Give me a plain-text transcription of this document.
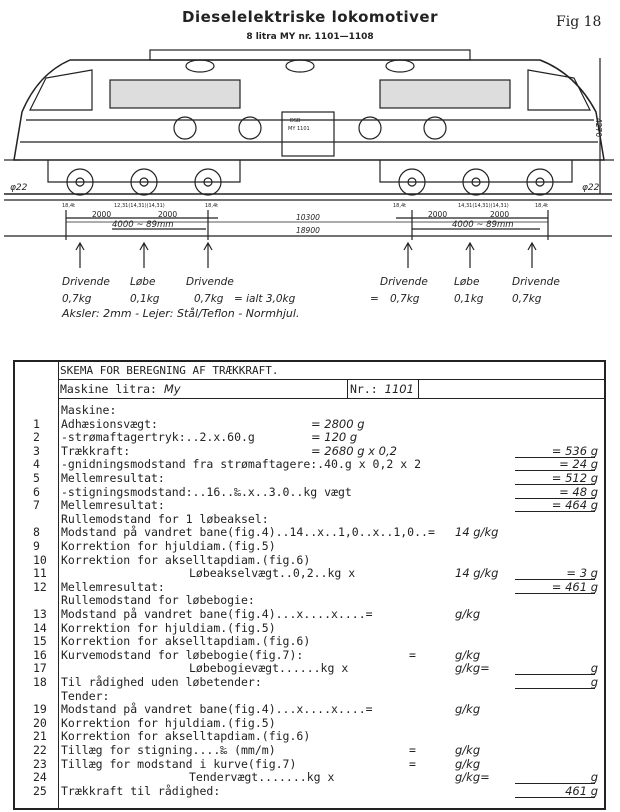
Dieselelektriske lokomotiver
8 litra MY nr. 1101—1108
Fig 18
DSB
MY 1101	4270
φ22	φ22
18,4t	12,31(14,31)(14,31)	18,4t	18,4t	14,31(14,31)(14,31)	18,4t
2000	2000	2000	2000
4000 ~ 89mm	4000 ~ 89mm
10300
18900
Drivende
0,7kg
Løbe
0,1kg
Drivende
0,7kg = ialt 3,0kg	=
Drivende
0,7kg
Løbe
0,1kg
Drivende
0,7kg
Aksler: 2mm - Lejer: Stål/Teflon - Normhjul.
SKEMA FOR BEREGNING AF TRÆKKRAFT.
Maskine litra: My	Nr.: 1101
Maskine:
1 Adhæsionsvægt:	= 2800 g
2 -strømaftagertryk:..2.x.60.g	= 120 g
3 Trækkraft:	= 2680 g x 0,2	= 536 g
4 -gnidningsmodstand fra strømaftagere:.40.g x 0,2 x 2	= 24 g
5 Mellemresultat:	= 512 g
6 -stigningsmodstand:..16..‰.x..3.0..kg vægt	= 48 g
7 Mellemresultat:	= 464 g
Rullemodstand for 1 løbeaksel:
8 Modstand på vandret bane(fig.4)..14..x..1,0..x..1,0..= 14 g/kg
9 Korrektion for hjuldiam.(fig.5)
10 Korrektion for akselltapdiam.(fig.6)
11	Løbeakselvægt..0,2..kg x	14 g/kg	= 3 g
12 Mellemresultat:	= 461 g
Rullemodstand for løbebogie:
13 Modstand på vandret bane(fig.4)...x....x....=	g/kg
14 Korrektion for hjuldiam.(fig.5)
15 Korrektion for akselltapdiam.(fig.6)
16 Kurvemodstand for løbebogie(fig.7):	=	g/kg
17	Løbebogievægt......kg x	g/kg=	g
18 Til rådighed uden løbetender:	g
Tender:
19 Modstand på vandret bane(fig.4)...x....x....=	g/kg
20 Korrektion for hjuldiam.(fig.5)
21 Korrektion for akselltapdiam.(fig.6)
22 Tillæg for stigning....‰ (mm/m)	=	g/kg
23 Tillæg for modstand i kurve(fig.7)	=	g/kg
24	Tendervægt.......kg x	g/kg=	g
25 Trækkraft til rådighed:	461 g
